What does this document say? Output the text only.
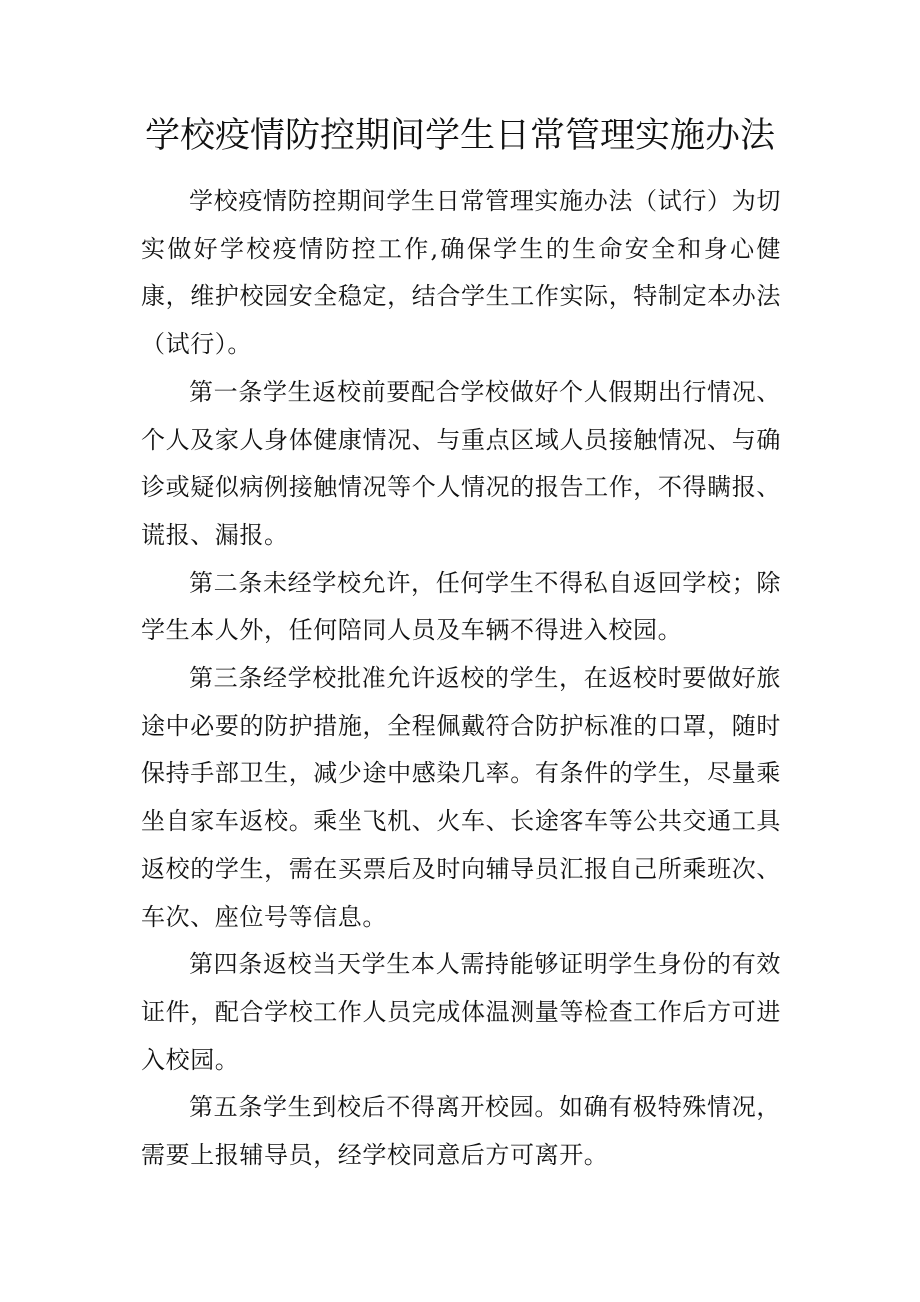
学校疫情防控期间学生日常管理实施办法

学校疫情防控期间学生日常管理实施办法（试行）为切实做好学校疫情防控工作,确保学生的生命安全和身心健康，维护校园安全稳定，结合学生工作实际，特制定本办法（试行）。

第一条学生返校前要配合学校做好个人假期出行情况、个人及家人身体健康情况、与重点区域人员接触情况、与确诊或疑似病例接触情况等个人情况的报告工作，不得瞒报、谎报、漏报。

第二条未经学校允许，任何学生不得私自返回学校；除学生本人外，任何陪同人员及车辆不得进入校园。

第三条经学校批准允许返校的学生，在返校时要做好旅途中必要的防护措施，全程佩戴符合防护标准的口罩，随时保持手部卫生，减少途中感染几率。有条件的学生，尽量乘坐自家车返校。乘坐飞机、火车、长途客车等公共交通工具返校的学生，需在买票后及时向辅导员汇报自己所乘班次、车次、座位号等信息。

第四条返校当天学生本人需持能够证明学生身份的有效证件，配合学校工作人员完成体温测量等检查工作后方可进入校园。

第五条学生到校后不得离开校园。如确有极特殊情况，需要上报辅导员，经学校同意后方可离开。
